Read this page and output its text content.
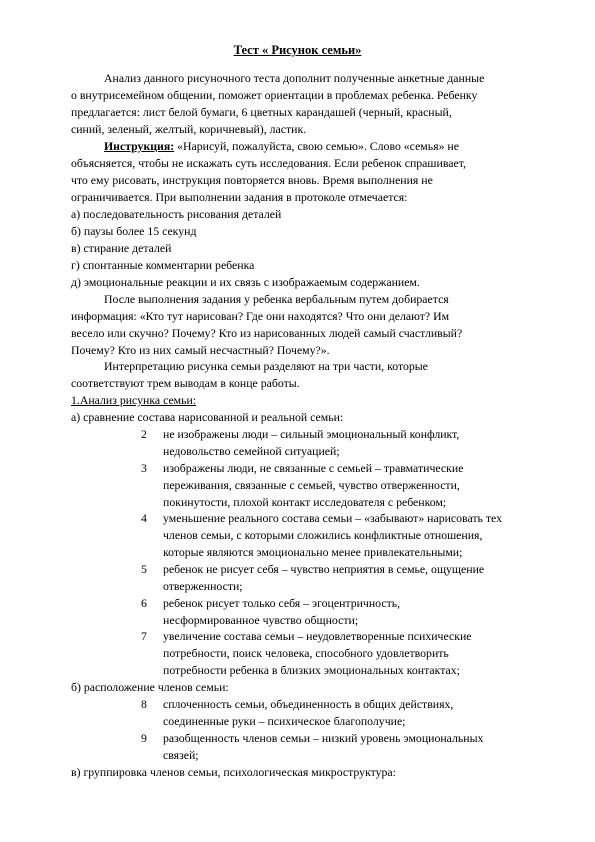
Тест « Рисунок семьи»

Анализ данного рисуночного теста дополнит полученные анкетные данные

о внутрисемейном общении, поможет ориентации в проблемах ребенка. Ребенку

предлагается: лист белой бумаги, 6 цветных карандашей (черный, красный,

синий, зеленый, желтый, коричневый), ластик.

Инструкция: «Нарисуй, пожалуйста, свою семью». Слово «семья» не

объясняется, чтобы не искажать суть исследования. Если ребенок спрашивает,

что ему рисовать, инструкция повторяется вновь. Время выполнения не

ограничивается. При выполнении задания в протоколе отмечается:

а) последовательность рисования деталей

б) паузы более 15 секунд

в) стирание деталей

г) спонтанные комментарии ребенка

д) эмоциональные реакции и их связь с изображаемым содержанием.

После выполнения задания у ребенка вербальным путем добирается

информация: «Кто тут нарисован? Где они находятся? Что они делают? Им

весело или скучно? Почему? Кто из нарисованных людей самый счастливый?

Почему? Кто из них самый несчастный? Почему?».

Интерпретацию рисунка семьи разделяют на три части, которые

соответствуют трем выводам в конце работы.

1.Анализ рисунка семьи:

а) сравнение состава нарисованной и реальной семьи:

2 не изображены люди – сильный эмоциональный конфликт,

недовольство семейной ситуацией;

3 изображены люди, не связанные с семьей – травматические

переживания, связанные с семьей, чувство отверженности,

покинутости, плохой контакт исследователя с ребенком;

4 уменьшение реального состава семьи – «забывают» нарисовать тех

членов семьи, с которыми сложились конфликтные отношения,

которые являются эмоционально менее привлекательными;

5 ребенок не рисует себя – чувство неприятия в семье, ощущение

отверженности;

6 ребенок рисует только себя – эгоцентричность,

несформированное чувство общности;

7 увеличение состава семьи – неудовлетворенные психические

потребности, поиск человека, способного удовлетворить

потребности ребенка в близких эмоциональных контактах;

б) расположение членов семьи:

8 сплоченность семьи, объединенность в общих действиях,

соединенные руки – психическое благополучие;

9 разобщенность членов семьи – низкий уровень эмоциональных

связей;

в) группировка членов семьи, психологическая микроструктура:
